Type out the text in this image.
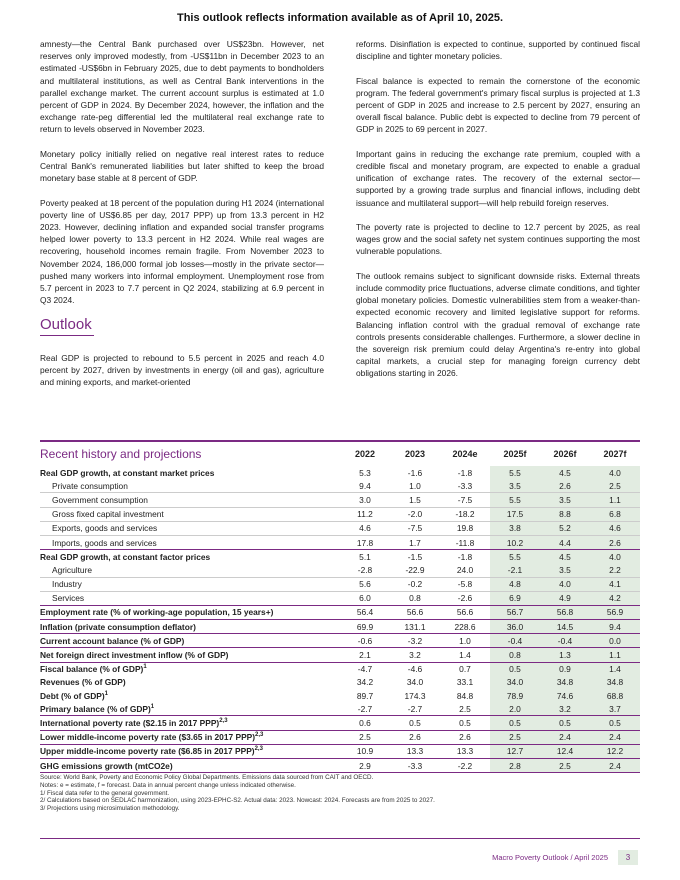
This outlook reflects information available as of April 10, 2025.

amnesty—the Central Bank purchased over US$23bn. However, net reserves only improved modestly, from -US$11bn in December 2023 to an estimated -US$6bn in February 2025, due to debt payments to bondholders and multilateral institutions, as well as Central Bank interventions in the parallel exchange market. The current account surplus is estimated at 1.0 percent of GDP in 2024. By December 2024, however, the inflation and the exchange rate-peg differential led the multilateral real exchange rate to return to levels observed in November 2023.

Monetary policy initially relied on negative real interest rates to reduce Central Bank's remunerated liabilities but later shifted to keep the broad monetary base stable at 8 percent of GDP.

Poverty peaked at 18 percent of the population during H1 2024 (international poverty line of US$6.85 per day, 2017 PPP) up from 13.3 percent in H2 2023. However, declining inflation and expanded social transfer programs helped lower poverty to 13.3 percent in H2 2024. While real wages are recovering, household incomes remain fragile. From November 2023 to November 2024, 186,000 formal job losses—mostly in the private sector—pushed many workers into informal employment. Unemployment rose from 5.7 percent in 2023 to 7.7 percent in Q2 2024, stabilizing at 6.9 percent in Q3 2024.

Outlook

Real GDP is projected to rebound to 5.5 percent in 2025 and reach 4.0 percent by 2027, driven by investments in energy (oil and gas), agriculture and mining exports, and market-oriented

reforms. Disinflation is expected to continue, supported by continued fiscal discipline and tighter monetary policies.

Fiscal balance is expected to remain the cornerstone of the economic program. The federal government's primary fiscal surplus is projected at 1.3 percent of GDP in 2025 and increase to 2.5 percent by 2027, ensuring an overall fiscal balance. Public debt is expected to decline from 79 percent of GDP in 2025 to 69 percent in 2027.

Important gains in reducing the exchange rate premium, coupled with a credible fiscal and monetary program, are expected to enable a gradual unification of exchange rates. The recovery of the external sector—supported by a growing trade surplus and financial inflows, including debt issuance and multilateral support—will help rebuild foreign reserves.

The poverty rate is projected to decline to 12.7 percent by 2025, as real wages grow and the social safety net system continues supporting the most vulnerable populations.

The outlook remains subject to significant downside risks. External threats include commodity price fluctuations, adverse climate conditions, and tighter global monetary policies. Domestic vulnerabilities stem from a weaker-than-expected economic recovery and limited legislative support for reforms. Balancing inflation control with the gradual removal of exchange rate controls presents considerable challenges. Furthermore, a slower decline in the sovereign risk premium could delay Argentina's re-entry into global capital markets, a crucial step for managing foreign currency debt obligations starting in 2026.

Recent history and projections	2022	2023	2024e	2025f	2026f	2027f
Real GDP growth, at constant market prices	5.3	-1.6	-1.8	5.5	4.5	4.0
Private consumption	9.4	1.0	-3.3	3.5	2.6	2.5
Government consumption	3.0	1.5	-7.5	5.5	3.5	1.1
Gross fixed capital investment	11.2	-2.0	-18.2	17.5	8.8	6.8
Exports, goods and services	4.6	-7.5	19.8	3.8	5.2	4.6
Imports, goods and services	17.8	1.7	-11.8	10.2	4.4	2.6
Real GDP growth, at constant factor prices	5.1	-1.5	-1.8	5.5	4.5	4.0
Agriculture	-2.8	-22.9	24.0	-2.1	3.5	2.2
Industry	5.6	-0.2	-5.8	4.8	4.0	4.1
Services	6.0	0.8	-2.6	6.9	4.9	4.2
Employment rate (% of working-age population, 15 years+)	56.4	56.6	56.6	56.7	56.8	56.9
Inflation (private consumption deflator)	69.9	131.1	228.6	36.0	14.5	9.4
Current account balance (% of GDP)	-0.6	-3.2	1.0	-0.4	-0.4	0.0
Net foreign direct investment inflow (% of GDP)	2.1	3.2	1.4	0.8	1.3	1.1
Fiscal balance (% of GDP)$^1$	-4.7	-4.6	0.7	0.5	0.9	1.4
Revenues (% of GDP)	34.2	34.0	33.1	34.0	34.8	34.8
Debt (% of GDP)$^1$	89.7	174.3	84.8	78.9	74.6	68.8
Primary balance (% of GDP)$^1$	-2.7	-2.7	2.5	2.0	3.2	3.7
International poverty rate ($2.15 in 2017 PPP)$^{2,3}$	0.6	0.5	0.5	0.5	0.5	0.5
Lower middle-income poverty rate ($3.65 in 2017 PPP)$^{2,3}$	2.5	2.6	2.6	2.5	2.4	2.4
Upper middle-income poverty rate ($6.85 in 2017 PPP)$^{2,3}$	10.9	13.3	13.3	12.7	12.4	12.2
GHG emissions growth (mtCO2e)	2.9	-3.3	-2.2	2.8	2.5	2.4
Source: World Bank, Poverty and Economic Policy Global Departments. Emissions data sourced from CAIT and OECD.
Notes: e = estimate, f = forecast. Data in annual percent change unless indicated otherwise.
1/ Fiscal data refer to the general government.
2/ Calculations based on SEDLAC harmonization, using 2023-EPHC-S2. Actual data: 2023. Nowcast: 2024. Forecasts are from 2025 to 2027.
3/ Projections using microsimulation methodology.
Macro Poverty Outlook / April 2025	3
